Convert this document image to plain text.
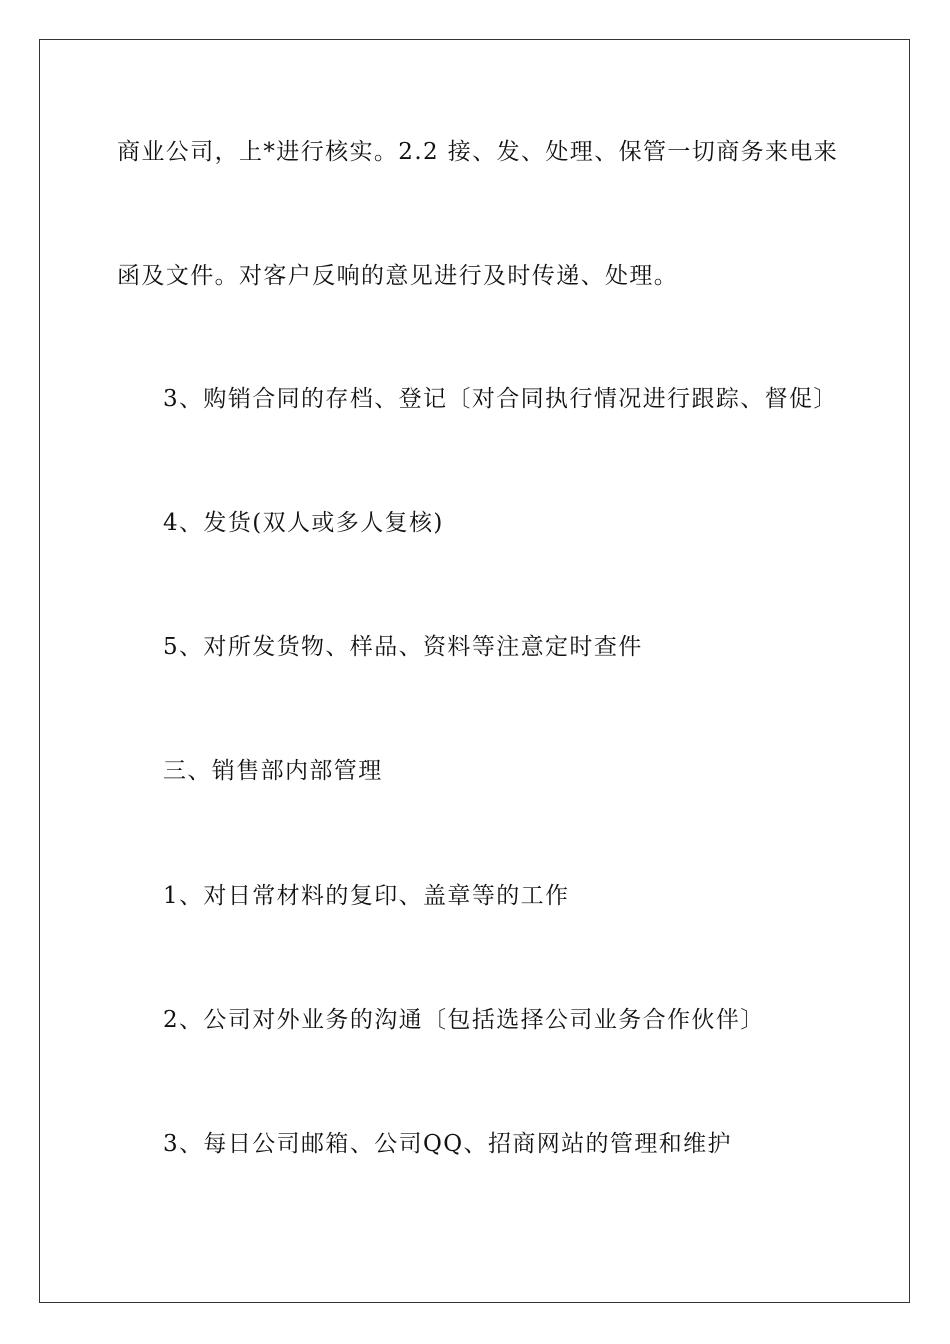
商业公司，上*进行核实。2.2 接、发、处理、保管一切商务来电来
函及文件。对客户反响的意见进行及时传递、处理。
3、购销合同的存档、登记〔对合同执行情况进行跟踪、督促〕
4、发货(双人或多人复核)
5、对所发货物、样品、资料等注意定时查件
三、销售部内部管理
1、对日常材料的复印、盖章等的工作
2、公司对外业务的沟通〔包括选择公司业务合作伙伴〕
3、每日公司邮箱、公司QQ、招商网站的管理和维护
